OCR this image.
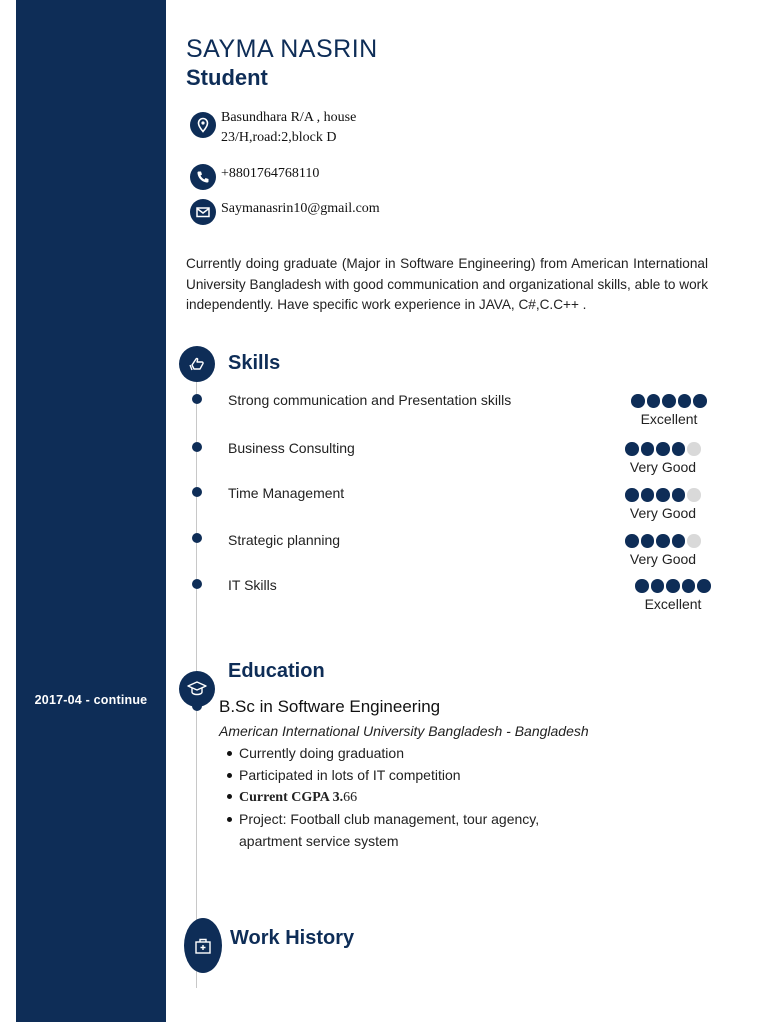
2017-04 - continue
SAYMA NASRIN
Student
Basundhara R/A , house
23/H,road:2,block D
+8801764768110
Saymanasrin10@gmail.com
Currently doing graduate (Major in Software Engineering) from American International University Bangladesh with good communication and organizational skills, able to work independently. Have specific work experience in JAVA, C#,C.C++ .
Skills
Strong communication and Presentation skills
Excellent
Business Consulting
Very Good
Time Management
Very Good
Strategic planning
Very Good
IT Skills
Excellent
Education
B.Sc in Software Engineering
American International University Bangladesh - Bangladesh
Currently doing graduation
Participated in lots of IT competition
Current CGPA 3.66
Project: Football club management, tour agency, apartment service system
Work History
